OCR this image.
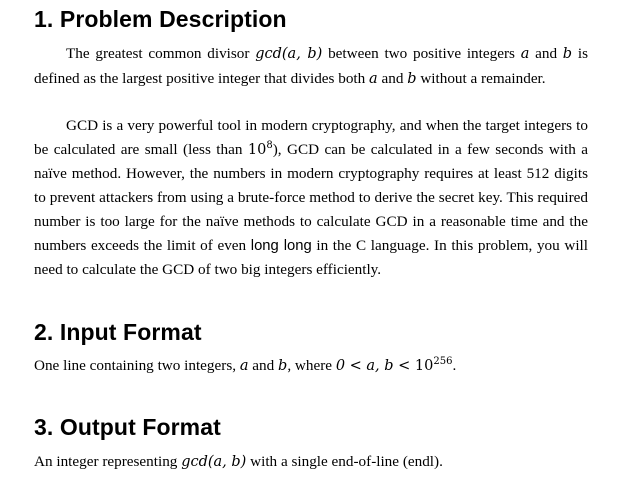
1. Problem Description

The greatest common divisor gcd(a, b) between two positive integers a and b is defined as the largest positive integer that divides both a and b without a remainder.

GCD is a very powerful tool in modern cryptography, and when the target integers to be calculated are small (less than $10^8$), GCD can be calculated in a few seconds with a naïve method. However, the numbers in modern cryptography requires at least 512 digits to prevent attackers from using a brute-force method to derive the secret key. This required number is too large for the naïve methods to calculate GCD in a reasonable time and the numbers exceeds the limit of even long long in the C language. In this problem, you will need to calculate the GCD of two big integers efficiently.

2. Input Format

One line containing two integers, a and b, where 0 < a, $b < 10^{256}$.

3. Output Format

An integer representing gcd(a, b) with a single end-of-line (endl).
